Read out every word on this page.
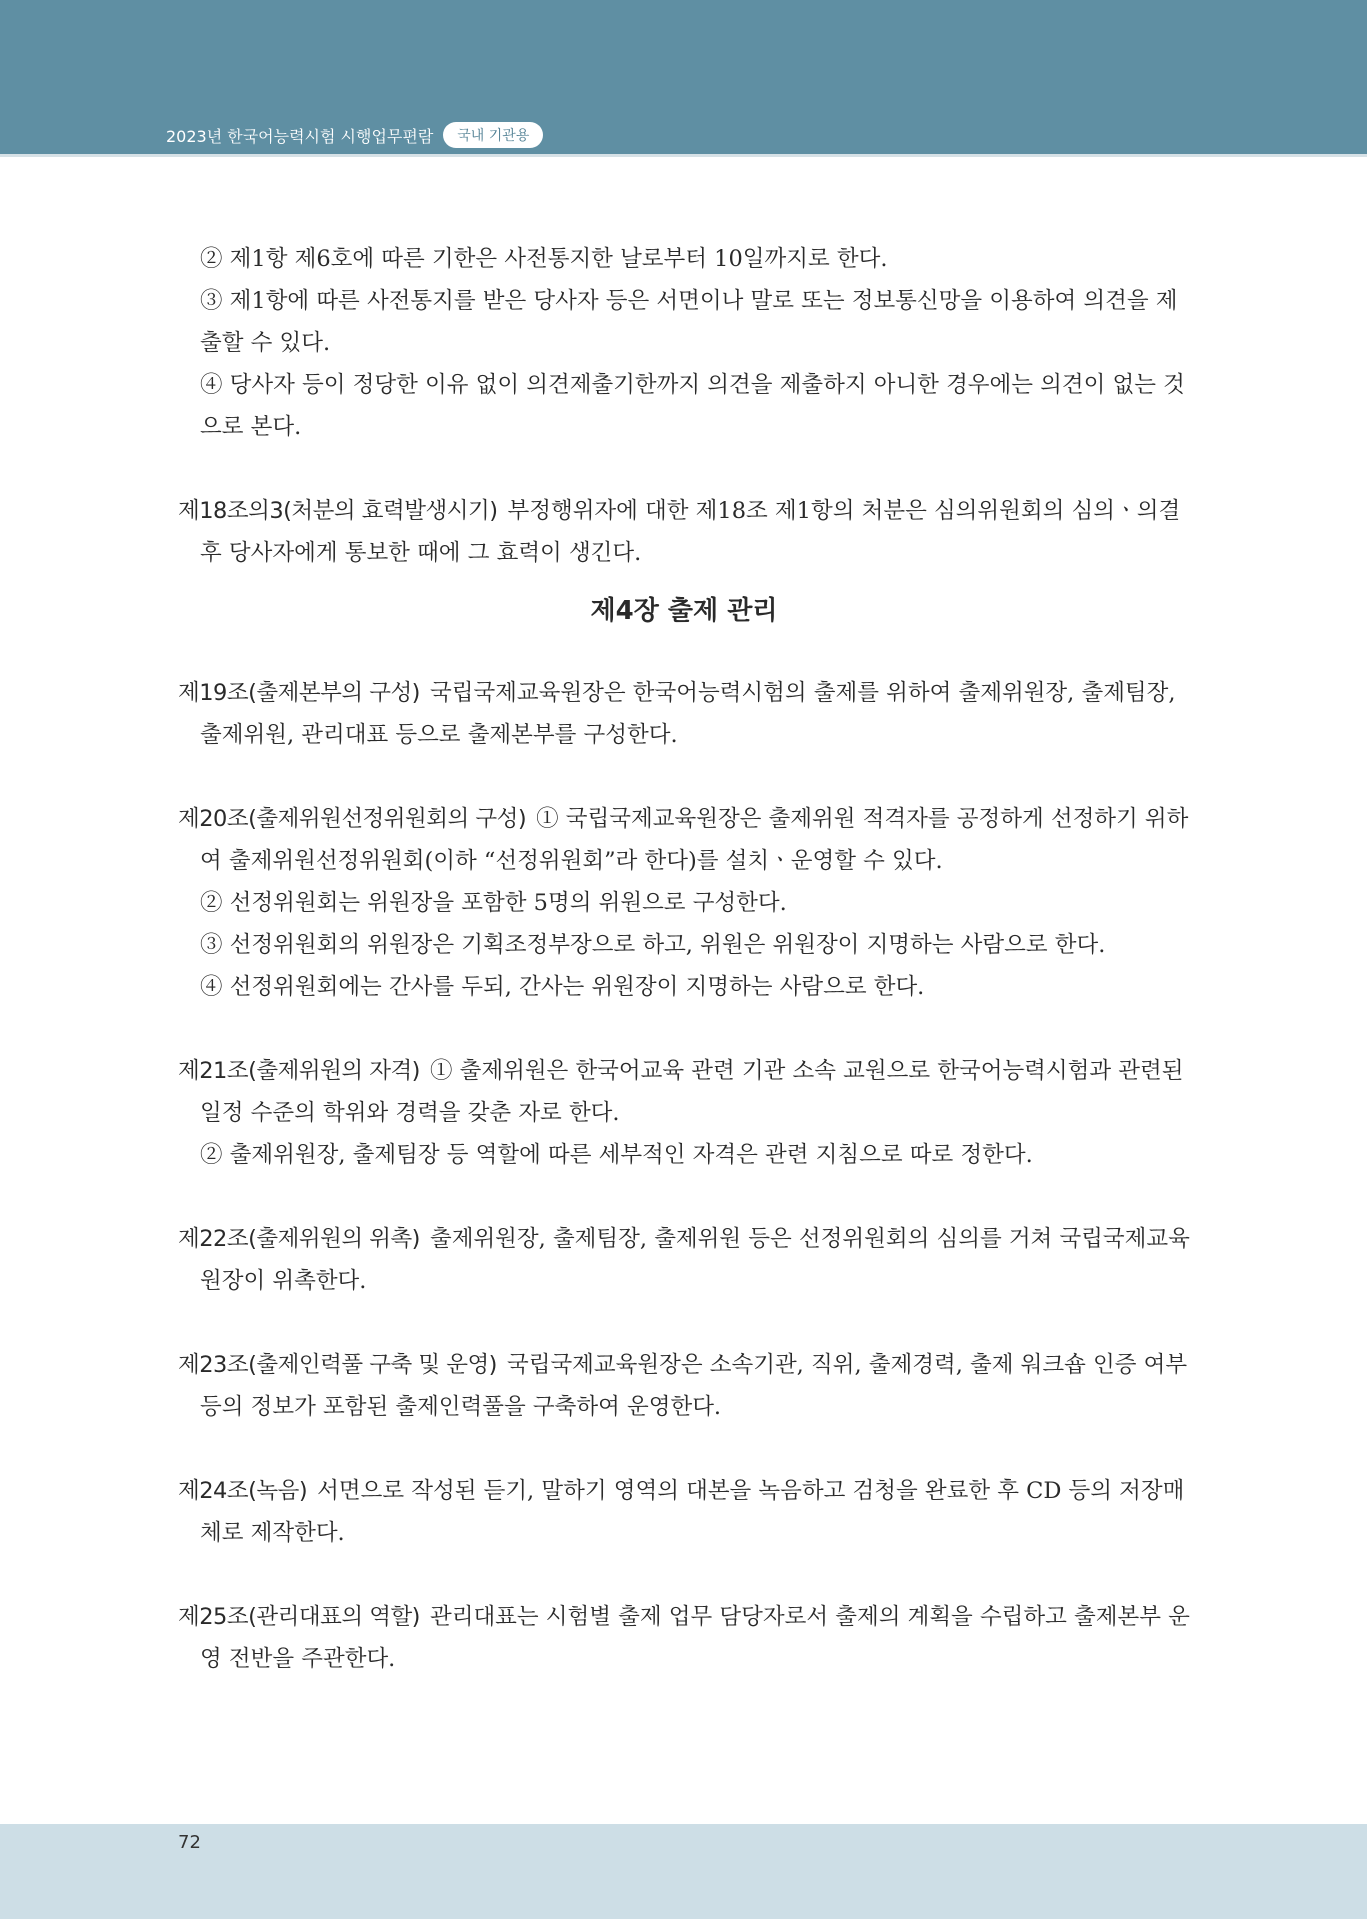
2023년 한국어능력시험 시행업무편람	국내 기관용

② 제1항 제6호에 따른 기한은 사전통지한 날로부터 10일까지로 한다.

③ 제1항에 따른 사전통지를 받은 당사자 등은 서면이나 말로 또는 정보통신망을 이용하여 의견을 제출할 수 있다.

④ 당사자 등이 정당한 이유 없이 의견제출기한까지 의견을 제출하지 아니한 경우에는 의견이 없는 것으로 본다.

제18조의3(처분의 효력발생시기) 부정행위자에 대한 제18조 제1항의 처분은 심의위원회의 심의ㆍ의결 후 당사자에게 통보한 때에 그 효력이 생긴다.

제4장 출제 관리

제19조(출제본부의 구성) 국립국제교육원장은 한국어능력시험의 출제를 위하여 출제위원장, 출제팀장, 출제위원, 관리대표 등으로 출제본부를 구성한다.

제20조(출제위원선정위원회의 구성) ① 국립국제교육원장은 출제위원 적격자를 공정하게 선정하기 위하여 출제위원선정위원회(이하 “선정위원회”라 한다)를 설치ㆍ운영할 수 있다.

② 선정위원회는 위원장을 포함한 5명의 위원으로 구성한다.

③ 선정위원회의 위원장은 기획조정부장으로 하고, 위원은 위원장이 지명하는 사람으로 한다.

④ 선정위원회에는 간사를 두되, 간사는 위원장이 지명하는 사람으로 한다.

제21조(출제위원의 자격) ① 출제위원은 한국어교육 관련 기관 소속 교원으로 한국어능력시험과 관련된 일정 수준의 학위와 경력을 갖춘 자로 한다.

② 출제위원장, 출제팀장 등 역할에 따른 세부적인 자격은 관련 지침으로 따로 정한다.

제22조(출제위원의 위촉) 출제위원장, 출제팀장, 출제위원 등은 선정위원회의 심의를 거쳐 국립국제교육원장이 위촉한다.

제23조(출제인력풀 구축 및 운영) 국립국제교육원장은 소속기관, 직위, 출제경력, 출제 워크숍 인증 여부 등의 정보가 포함된 출제인력풀을 구축하여 운영한다.

제24조(녹음) 서면으로 작성된 듣기, 말하기 영역의 대본을 녹음하고 검청을 완료한 후 CD 등의 저장매체로 제작한다.

제25조(관리대표의 역할) 관리대표는 시험별 출제 업무 담당자로서 출제의 계획을 수립하고 출제본부 운영 전반을 주관한다.

72
